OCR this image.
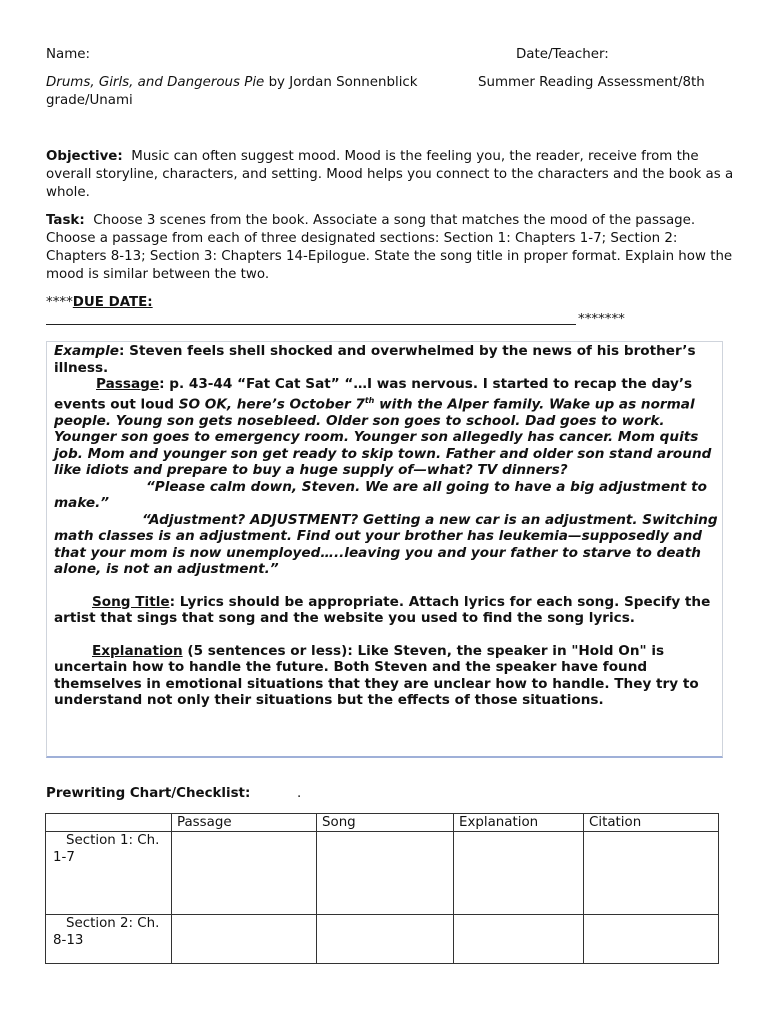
Name:	Date/Teacher:
Drums, Girls, and Dangerous Pie by Jordan Sonnenblick	Summer Reading Assessment/8th
grade/Unami
Objective: Music can often suggest mood. Mood is the feeling you, the reader, receive from the overall storyline, characters, and setting. Mood helps you connect to the characters and the book as a whole.
Task: Choose 3 scenes from the book. Associate a song that matches the mood of the passage. Choose a passage from each of three designated sections: Section 1: Chapters 1-7; Section 2: Chapters 8-13; Section 3: Chapters 14-Epilogue. State the song title in proper format. Explain how the mood is similar between the two.
****DUE DATE:
*******

Example: Steven feels shell shocked and overwhelmed by the news of his brother’s illness.

Passage: p. 43-44 “Fat Cat Sat” “…I was nervous. I started to recap the day’s events out loud SO OK, here’s October 7th with the Alper family. Wake up as normal people. Young son gets nosebleed. Older son goes to school. Dad goes to work. Younger son goes to emergency room. Younger son allegedly has cancer. Mom quits job. Mom and younger son get ready to skip town. Father and older son stand around like idiots and prepare to buy a huge supply of—what? TV dinners?

“Please calm down, Steven. We are all going to have a big adjustment to make.”

“Adjustment? ADJUSTMENT? Getting a new car is an adjustment. Switching math classes is an adjustment. Find out your brother has leukemia—supposedly and that your mom is now unemployed…..leaving you and your father to starve to death alone, is not an adjustment.”

Song Title: Lyrics should be appropriate. Attach lyrics for each song. Specify the artist that sings that song and the website you used to find the song lyrics.

Explanation (5 sentences or less): Like Steven, the speaker in "Hold On" is uncertain how to handle the future. Both Steven and the speaker have found themselves in emotional situations that they are unclear how to handle. They try to understand not only their situations but the effects of those situations.

Prewriting Chart/Checklist:	.
	Passage	Song	Explanation	Citation
Section 1: Ch. 1-7				
Section 2: Ch. 8-13				
